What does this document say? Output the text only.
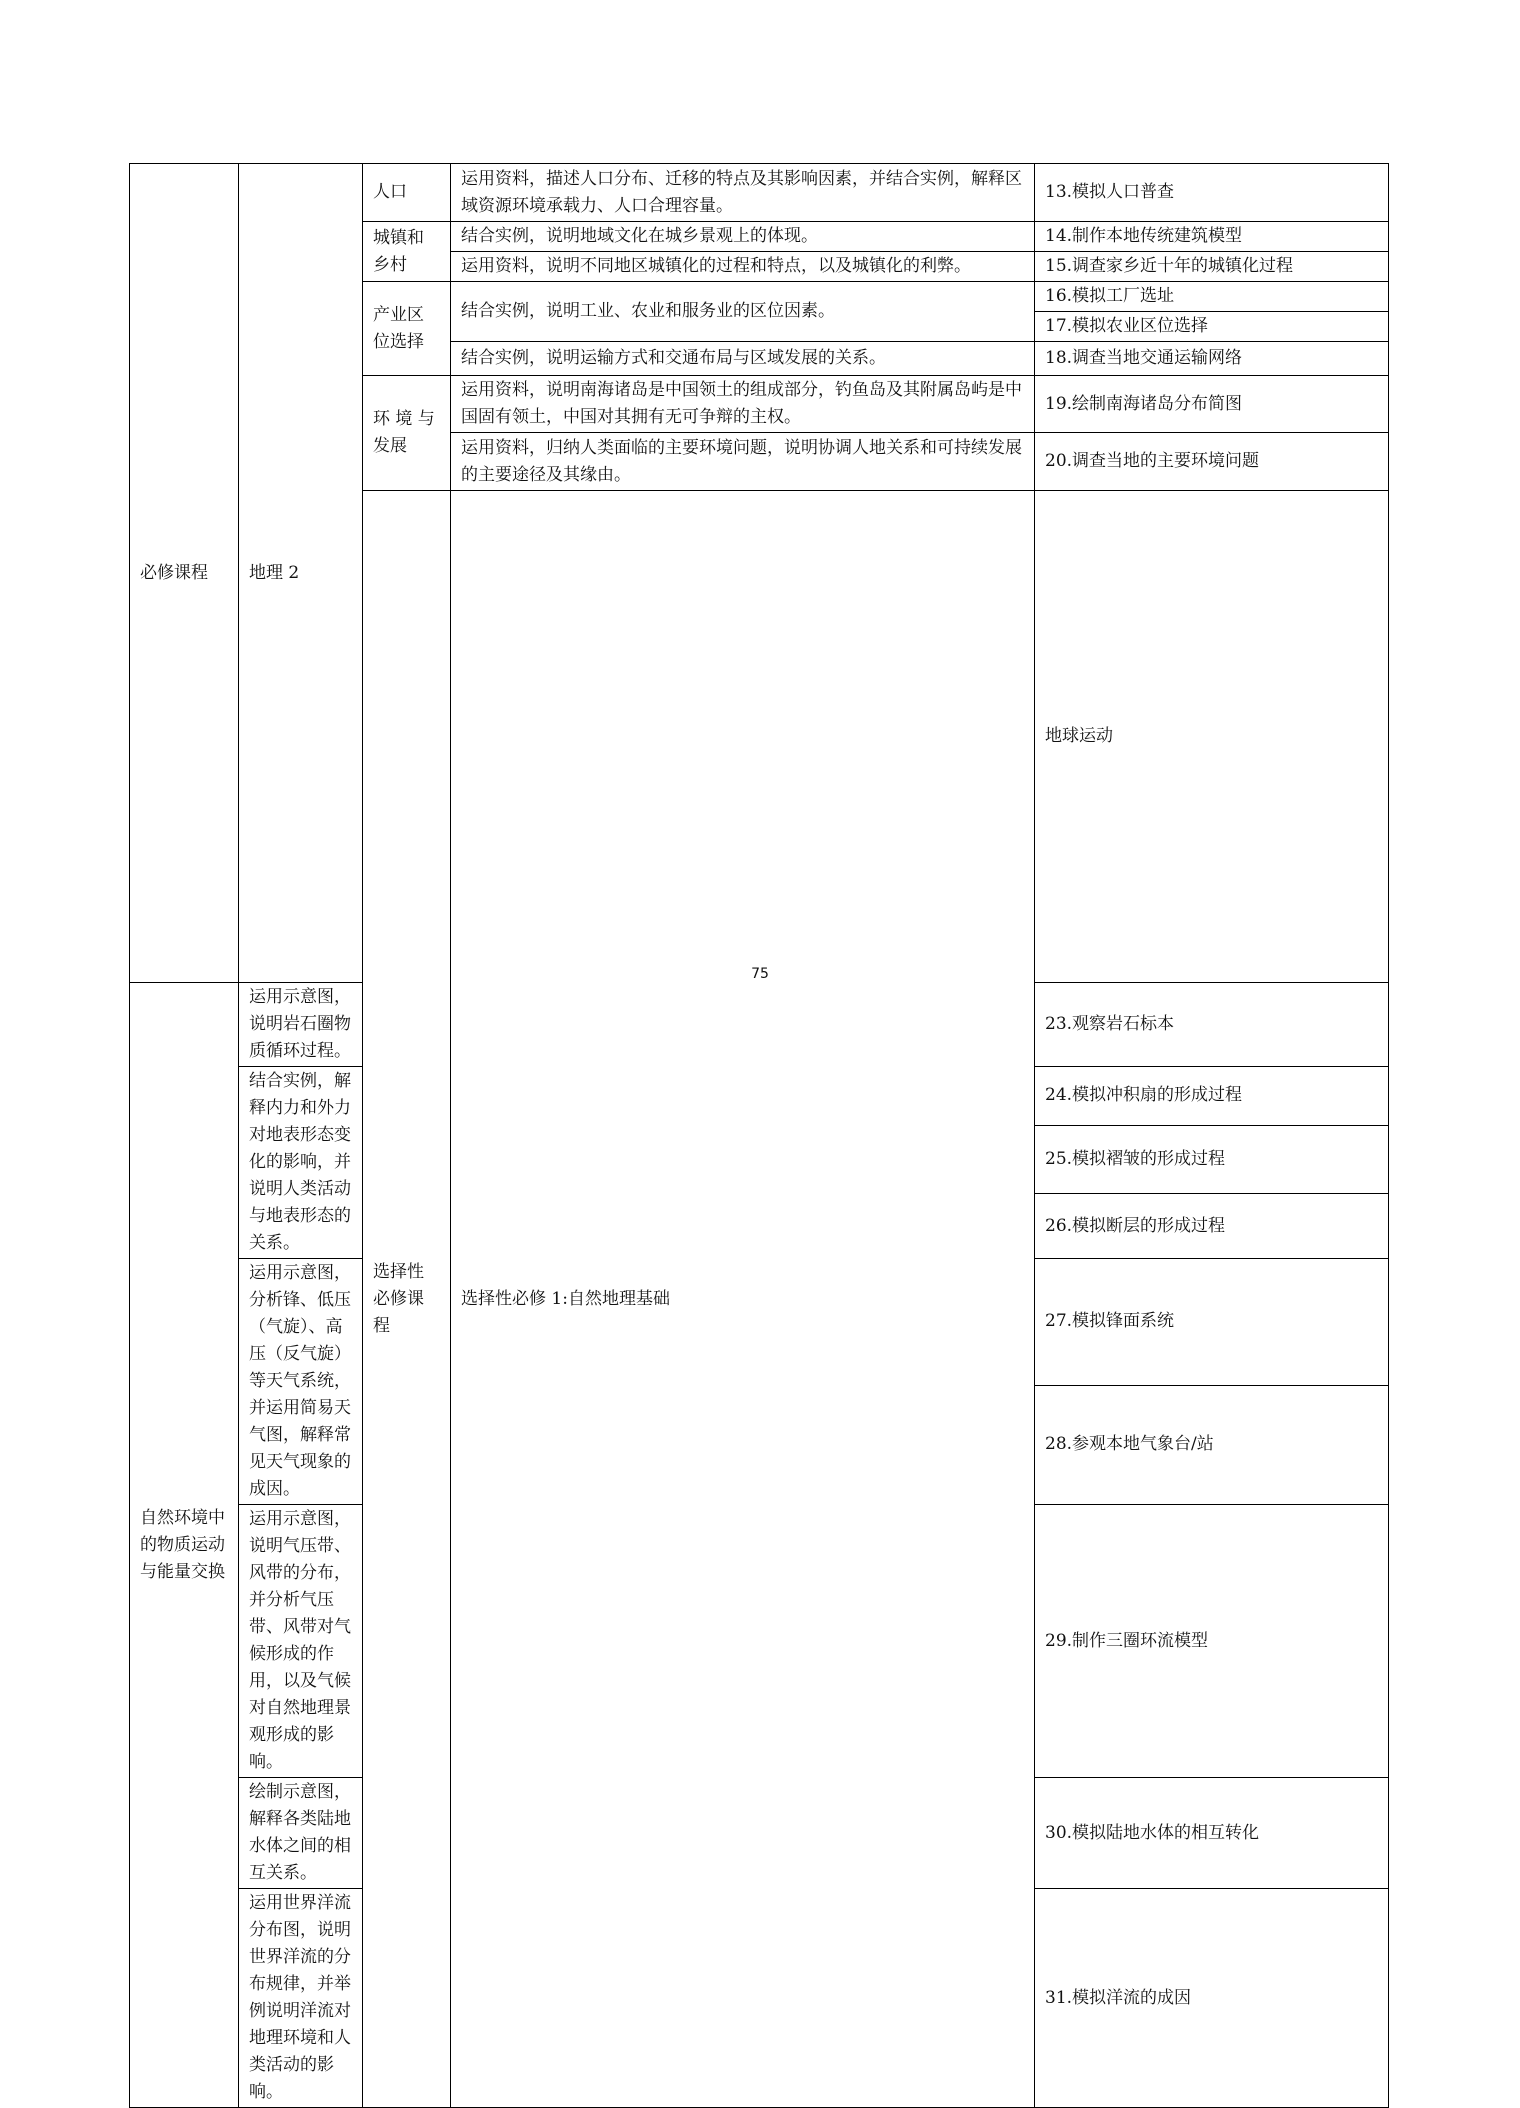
必修课程	地理 2	人口	运用资料，描述人口分布、迁移的特点及其影响因素，并结合实例，解释区域资源环境承载力、人口合理容量。	13.模拟人口普查	
		城镇和乡村	结合实例，说明地域文化在城乡景观上的体现。	14.制作本地传统建筑模型	
			运用资料，说明不同地区城镇化的过程和特点，以及城镇化的利弊。	15.调查家乡近十年的城镇化过程	
		产业区位选择	结合实例，说明工业、农业和服务业的区位因素。	16.模拟工厂选址	
				17.模拟农业区位选择	
			结合实例，说明运输方式和交通布局与区域发展的关系。	18.调查当地交通运输网络	
		环 境 与发展	运用资料，说明南海诸岛是中国领土的组成部分，钓鱼岛及其附属岛屿是中国固有领土，中国对其拥有无可争辩的主权。	19.绘制南海诸岛分布简图	
			运用资料，归纳人类面临的主要环境问题，说明协调人地关系和可持续发展的主要途径及其缘由。	20.调查当地的主要环境问题	
		选择性必修课程	选择性必修 1:自然地理基础	地球运动		

自然环境中的物质运动与能量交换	运用示意图，说明岩石圈物质循环过程。			23.观察岩石标本	
	结合实例，解释内力和外力对地表形态变化的影响，并说明人类活动与地表形态的关系。			24.模拟冲积扇的形成过程	
				25.模拟褶皱的形成过程	
				26.模拟断层的形成过程	
	运用示意图，分析锋、低压（气旋）、高压（反气旋）等天气系统，并运用简易天气图，解释常见天气现象的成因。			27.模拟锋面系统	
				28.参观本地气象台/站	
	运用示意图，说明气压带、风带的分布，并分析气压带、风带对气候形成的作用，以及气候对自然地理景观形成的影响。			29.制作三圈环流模型	
	绘制示意图，解释各类陆地水体之间的相互关系。			30.模拟陆地水体的相互转化	
	运用世界洋流分布图，说明世界洋流的分布规律，并举例说明洋流对地理环境和人类活动的影响。			31.模拟洋流的成因	
75
